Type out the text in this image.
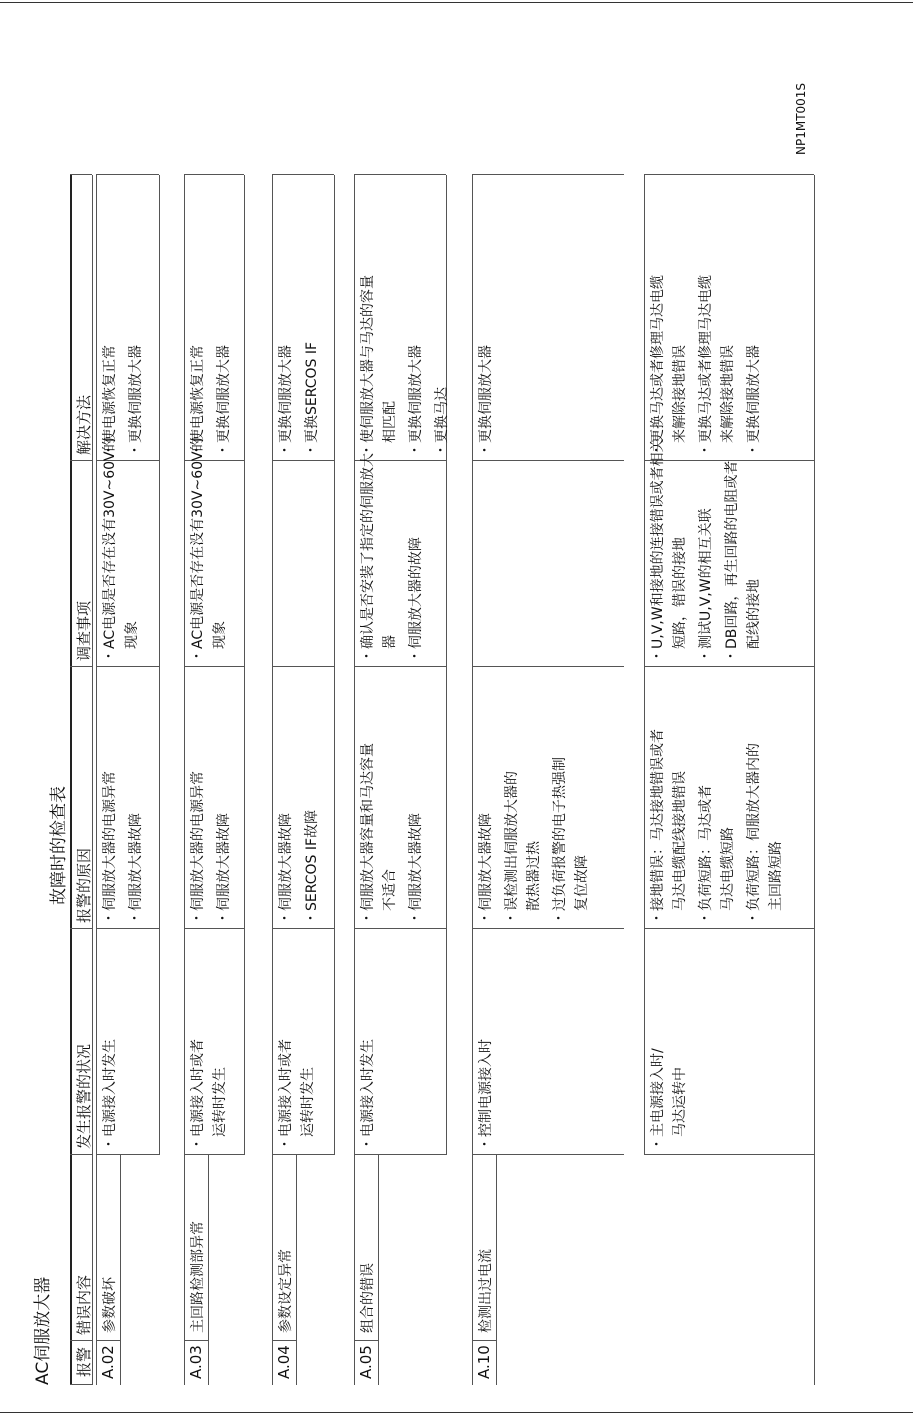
AC伺服放大器
故障时的检查表
NP1MT001S
报警
错误内容
发生报警的状况
报警的原因
调查事项
解决方法
A.02
参数破坏
・电源接入时发生
・伺服放大器的电源异常 ・伺服放大器故障
・AC电源是否存在没有30V~60V的 　现象
・使电源恢复正常 ・更换伺服放大器
A.03
主回路检测部异常
・电源接入时或者 　运转时发生
・伺服放大器的电源异常 ・伺服放大器故障
・AC电源是否存在没有30V~60V的 　现象
・使电源恢复正常 ・更换伺服放大器
A.04
参数设定异常
・电源接入时或者 　运转时发生
・伺服放大器故障 ・SERCOS IF故障
・更换伺服放大器 ・更换SERCOS IF
A.05
组合的错误
・电源接入时发生
・伺服放大器容量和马达容量 　不适合 ・伺服放大器故障
・确认是否安装了指定的伺服放大 　器 ・伺服放大器的故障
・使伺服放大器与马达的容量 　相匹配 ・更换伺服放大器 ・更换马达
A.10
检测出过电流
・控制电源接入时
・伺服放大器故障 ・误检测出伺服放大器的 　散热器过热 ・过负荷报警的电子热强制 　复位故障
・更换伺服放大器
・主电源接入时/ 　马达运转中
・接地错误：马达接地错误或者 　马达电缆配线接地错误 ・负荷短路：马达或者 　马达电缆短路 ・负荷短路：伺服放大器内的 　主回路短路
・U,V,W和接地的连接错误或者相关 　短路，错误的接地 ・测试U,V,W的相互关联 ・DB回路，再生回路的电阻或者 　配线的接地
・更换马达或者修理马达电缆 　来解除接地错误 ・更换马达或者修理马达电缆 　来解除接地错误 ・更换伺服放大器
